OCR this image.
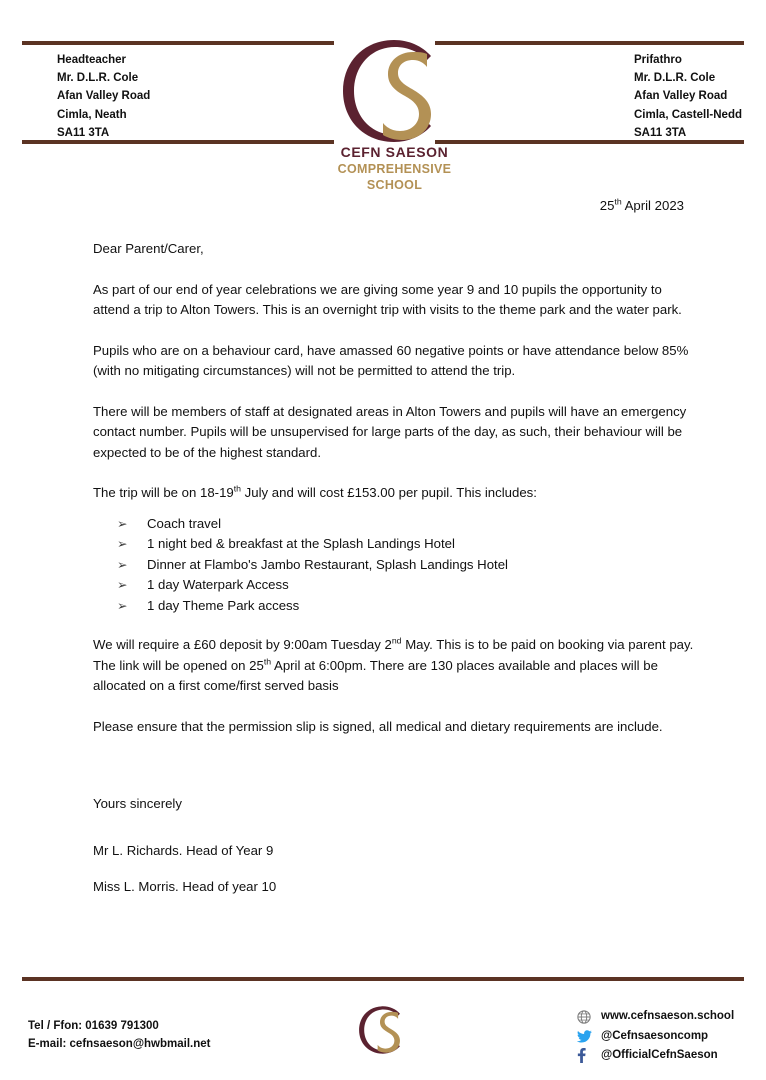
Headteacher
Mr. D.L.R. Cole
Afan Valley Road
Cimla, Neath
SA11 3TA
Prifathro
Mr. D.L.R. Cole
Afan Valley Road
Cimla, Castell-Nedd
SA11 3TA
CEFN SAESON
COMPREHENSIVE SCHOOL
25th April 2023
Dear Parent/Carer,
As part of our end of year celebrations we are giving some year 9 and 10 pupils the opportunity to attend a trip to Alton Towers. This is an overnight trip with visits to the theme park and the water park.
Pupils who are on a behaviour card, have amassed 60 negative points or have attendance below 85% (with no mitigating circumstances) will not be permitted to attend the trip.
There will be members of staff at designated areas in Alton Towers and pupils will have an emergency contact number. Pupils will be unsupervised for large parts of the day, as such, their behaviour will be expected to be of the highest standard.
The trip will be on 18-19th July and will cost £153.00 per pupil. This includes:
➢ Coach travel
➢ 1 night bed & breakfast at the Splash Landings Hotel
➢ Dinner at Flambo's Jambo Restaurant, Splash Landings Hotel
➢ 1 day Waterpark Access
➢ 1 day Theme Park access
We will require a £60 deposit by 9:00am Tuesday 2nd May. This is to be paid on booking via parent pay. The link will be opened on 25th April at 6:00pm. There are 130 places available and places will be allocated on a first come/first served basis
Please ensure that the permission slip is signed, all medical and dietary requirements are include.
Yours sincerely
Mr L. Richards. Head of Year 9
Miss L. Morris. Head of year 10
Tel / Ffon: 01639 791300
E-mail: cefnsaeson@hwbmail.net
www.cefnsaeson.school
@Cefnsaesoncomp
@OfficialCefnSaeson
